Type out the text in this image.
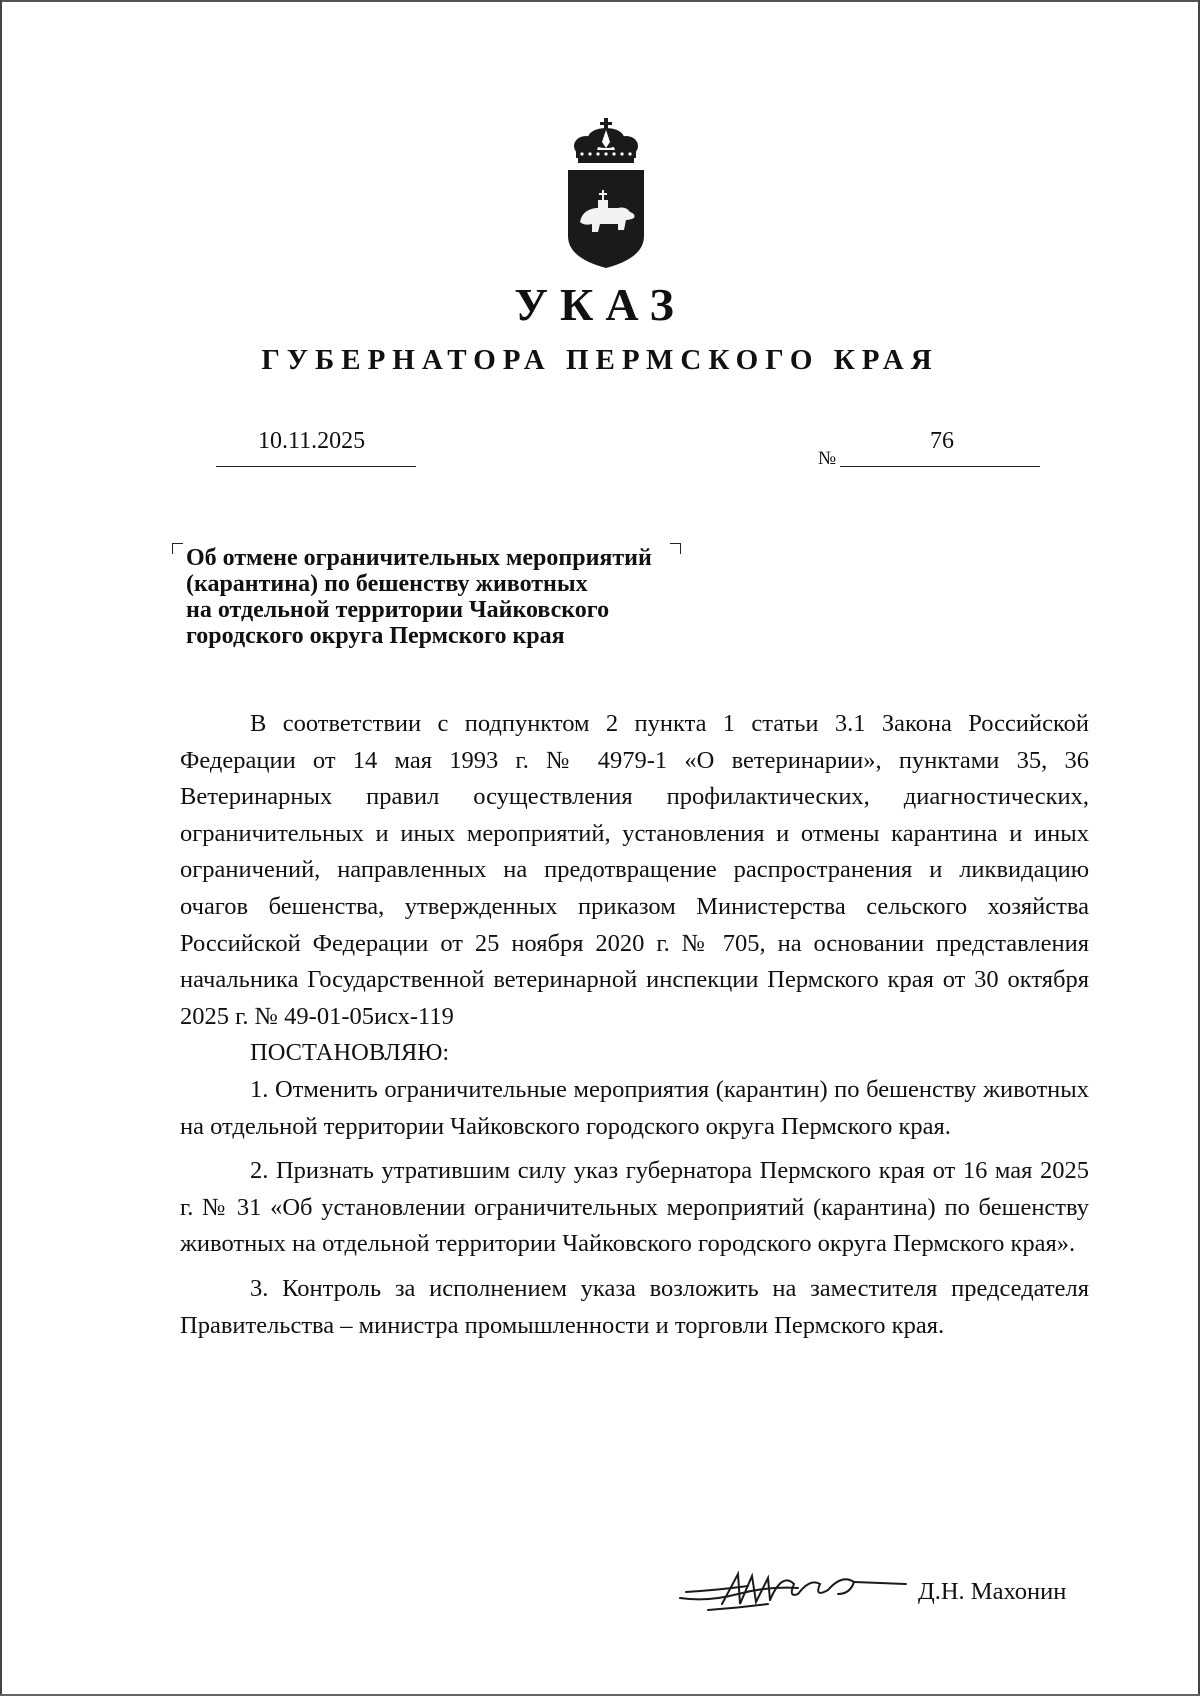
УКАЗ
ГУБЕРНАТОРА ПЕРМСКОГО КРАЯ
10.11.2025
№
76
Об отмене ограничительных мероприятий
(карантина) по бешенству животных
на отдельной территории Чайковского
городского округа Пермского края

В соответствии с подпунктом 2 пункта 1 статьи 3.1 Закона Российской Федерации от 14 мая 1993 г. № 4979-1 «О ветеринарии», пунктами 35, 36 Ветеринарных правил осуществления профилактических, диагностических, ограничительных и иных мероприятий, установления и отмены карантина и иных ограничений, направленных на предотвращение распространения и ликвидацию очагов бешенства, утвержденных приказом Министерства сельского хозяйства Российской Федерации от 25 ноября 2020 г. № 705, на основании представления начальника Государственной ветеринарной инспекции Пермского края от 30 октября 2025 г. № 49-01-05исх-119

ПОСТАНОВЛЯЮ:

1. Отменить ограничительные мероприятия (карантин) по бешенству животных на отдельной территории Чайковского городского округа Пермского края.

2. Признать утратившим силу указ губернатора Пермского края от 16 мая 2025 г. № 31 «Об установлении ограничительных мероприятий (карантина) по бешенству животных на отдельной территории Чайковского городского округа Пермского края».

3. Контроль за исполнением указа возложить на заместителя председателя Правительства – министра промышленности и торговли Пермского края.

Д.Н. Махонин
